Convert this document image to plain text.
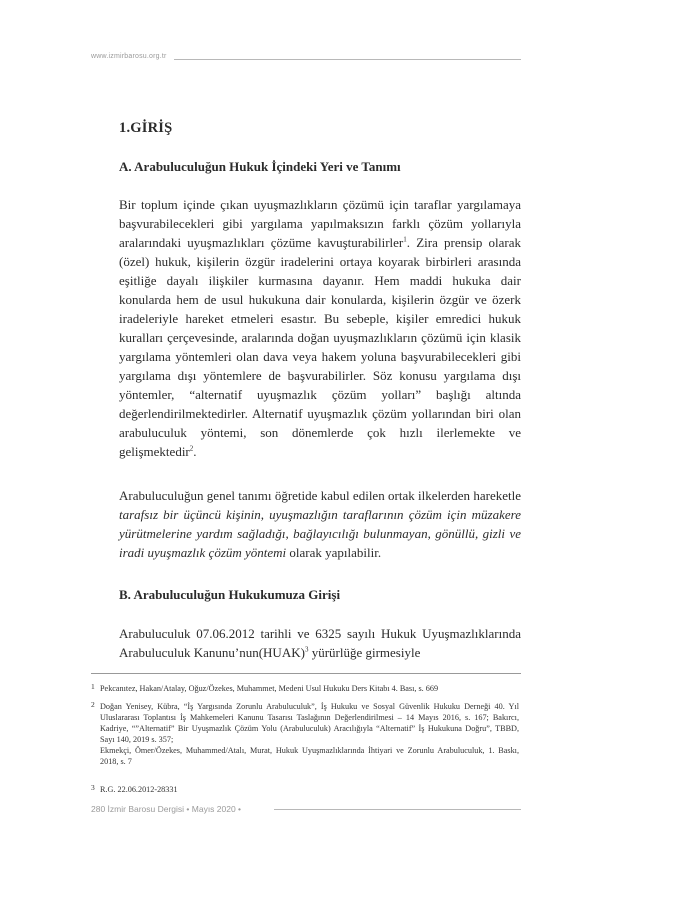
www.izmirbarosu.org.tr
1.GİRİŞ
A. Arabuluculuğun Hukuk İçindeki Yeri ve Tanımı

Bir toplum içinde çıkan uyuşmazlıkların çözümü için taraflar yargılamaya başvurabilecekleri gibi yargılama yapılmaksızın farklı çözüm yollarıyla aralarındaki uyuşmazlıkları çözüme kavuşturabilirler$^1$. Zira prensip olarak (özel) hukuk, kişilerin özgür iradelerini ortaya koyarak birbirleri arasında eşitliğe dayalı ilişkiler kurmasına dayanır. Hem maddi hukuka dair konularda hem de usul hukukuna dair konularda, kişilerin özgür ve özerk iradeleriyle hareket etmeleri esastır. Bu sebeple, kişiler emredici hukuk kuralları çerçevesinde, aralarında doğan uyuşmazlıkların çözümü için klasik yargılama yöntemleri olan dava veya hakem yoluna başvurabilecekleri gibi yargılama dışı yöntemlere de başvurabilirler. Söz konusu yargılama dışı yöntemler, “alternatif uyuşmazlık çözüm yolları” başlığı altında değerlendirilmektedirler. Alternatif uyuşmazlık çözüm yollarından biri olan arabuluculuk yöntemi, son dönemlerde çok hızlı ilerlemekte ve gelişmektedir$^2$.

Arabuluculuğun genel tanımı öğretide kabul edilen ortak ilkelerden hareketle tarafsız bir üçüncü kişinin, uyuşmazlığın taraflarının çözüm için müzakere yürütmelerine yardım sağladığı, bağlayıcılığı bulunmayan, gönüllü, gizli ve iradi uyuşmazlık çözüm yöntemi olarak yapılabilir.

B. Arabuluculuğun Hukukumuza Girişi

Arabuluculuk 07.06.2012 tarihli ve 6325 sayılı Hukuk Uyuşmazlıklarında Arabuluculuk Kanunu’nun(HUAK)$^3$ yürürlüğe girmesiyle

1 Pekcanıtez, Hakan/Atalay, Oğuz/Özekes, Muhammet, Medeni Usul Hukuku Ders Kitabı 4. Bası, s. 669
2 Doğan Yenisey, Kübra, “İş Yargısında Zorunlu Arabuluculuk”, İş Hukuku ve Sosyal Güvenlik Hukuku Derneği 40. Yıl Uluslararası Toplantısı İş Mahkemeleri Kanunu Tasarısı Taslağının Değerlendirilmesi – 14 Mayıs 2016, s. 167; Bakırcı, Kadriye, “”Alternatif” Bir Uyuşmazlık Çözüm Yolu (Arabuluculuk) Aracılığıyla “Alternatif” İş Hukukuna Doğru”, TBBD, Sayı 140, 2019 s. 357;
Ekmekçi, Ömer/Özekes, Muhammed/Atalı, Murat, Hukuk Uyuşmazlıklarında İhtiyari ve Zorunlu Arabuluculuk, 1. Baskı, 2018, s. 7
3 R.G. 22.06.2012-28331
280 İzmir Barosu Dergisi • Mayıs 2020 •
